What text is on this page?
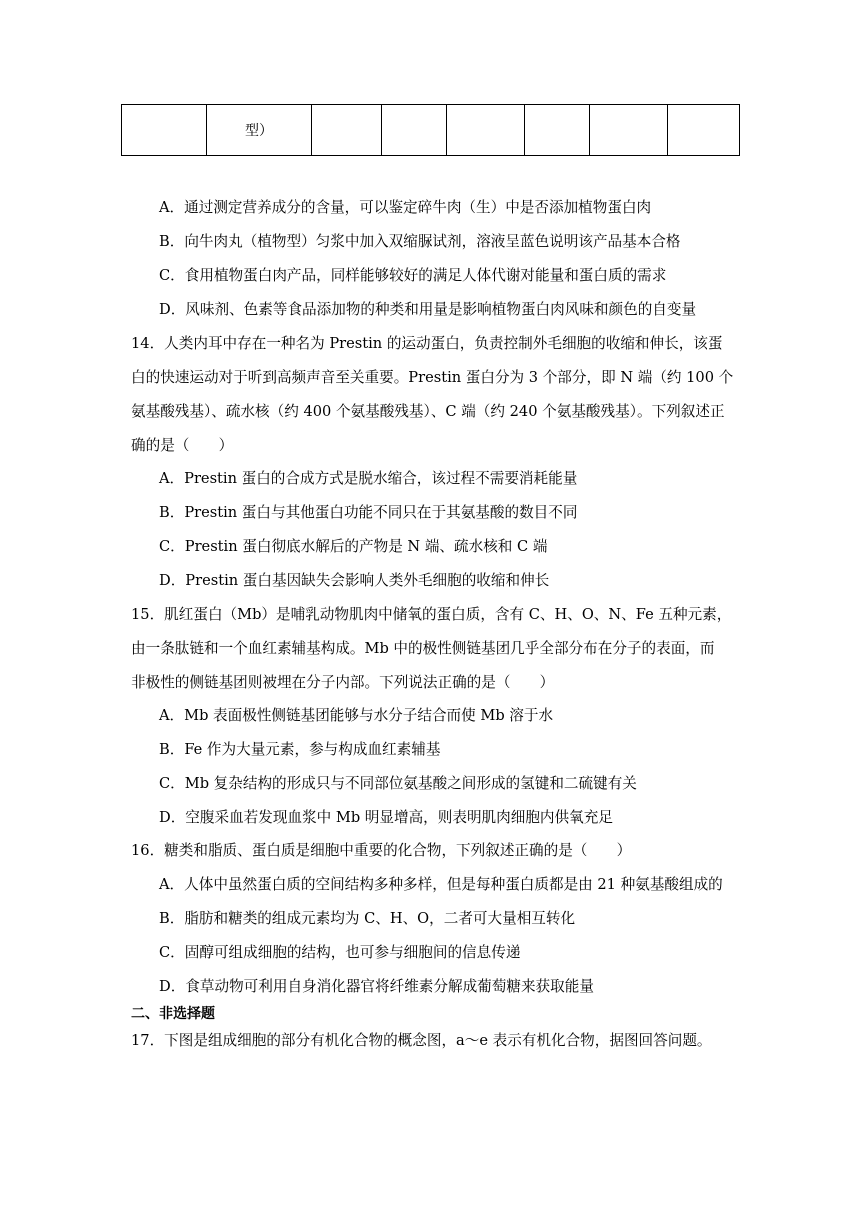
	型）						
A．通过测定营养成分的含量，可以鉴定碎牛肉（生）中是否添加植物蛋白肉
B．向牛肉丸（植物型）匀浆中加入双缩脲试剂，溶液呈蓝色说明该产品基本合格
C．食用植物蛋白肉产品，同样能够较好的满足人体代谢对能量和蛋白质的需求
D．风味剂、色素等食品添加物的种类和用量是影响植物蛋白肉风味和颜色的自变量
14．人类内耳中存在一种名为 Prestin 的运动蛋白，负责控制外毛细胞的收缩和伸长，该蛋
白的快速运动对于听到高频声音至关重要。Prestin 蛋白分为 3 个部分，即 N 端（约 100 个
氨基酸残基）、疏水核（约 400 个氨基酸残基）、C 端（约 240 个氨基酸残基）。下列叙述正
确的是（　　）
A．Prestin 蛋白的合成方式是脱水缩合，该过程不需要消耗能量
B．Prestin 蛋白与其他蛋白功能不同只在于其氨基酸的数目不同
C．Prestin 蛋白彻底水解后的产物是 N 端、疏水核和 C 端
D．Prestin 蛋白基因缺失会影响人类外毛细胞的收缩和伸长
15．肌红蛋白（Mb）是哺乳动物肌肉中储氧的蛋白质，含有 C、H、O、N、Fe 五种元素，
由一条肽链和一个血红素辅基构成。Mb 中的极性侧链基团几乎全部分布在分子的表面，而
非极性的侧链基团则被埋在分子内部。下列说法正确的是（　　）
A．Mb 表面极性侧链基团能够与水分子结合而使 Mb 溶于水
B．Fe 作为大量元素，参与构成血红素辅基
C．Mb 复杂结构的形成只与不同部位氨基酸之间形成的氢键和二硫键有关
D．空腹采血若发现血浆中 Mb 明显增高，则表明肌肉细胞内供氧充足
16．糖类和脂质、蛋白质是细胞中重要的化合物，下列叙述正确的是（　　）
A．人体中虽然蛋白质的空间结构多种多样，但是每种蛋白质都是由 21 种氨基酸组成的
B．脂肪和糖类的组成元素均为 C、H、O，二者可大量相互转化
C．固醇可组成细胞的结构，也可参与细胞间的信息传递
D．食草动物可利用自身消化器官将纤维素分解成葡萄糖来获取能量
二、非选择题
17．下图是组成细胞的部分有机化合物的概念图，a～e 表示有机化合物，据图回答问题。
